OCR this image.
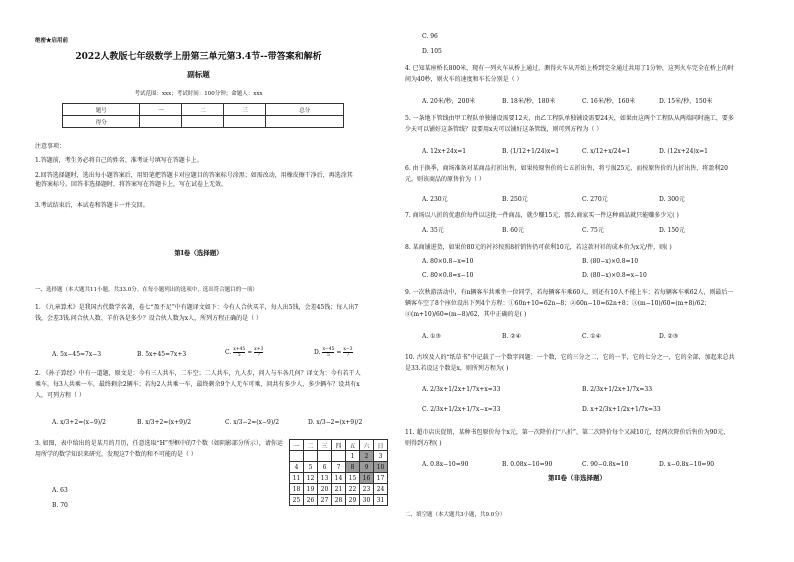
绝密★启用前
2022人教版七年级数学上册第三单元第3.4节--带答案和解析
副标题
考试范围：xxx；考试时间：100分钟；命题人：xxx
题号	一	二	三	总分
得分				
注意事项：
1.答题前，考生务必将自己的姓名、准考证号填写在答题卡上。
2.回答选择题时，选出每小题答案后，用铅笔把答题卡对应题目的答案标号涂黑；如需改动，用橡皮擦干净后，再选涂其他答案标号。回答非选择题时，将答案写在答题卡上，写在试卷上无效。
3.考试结束后，本试卷和答题卡一并交回。
第I卷（选择题）
一、选择题（本大题共11小题，共33.0分。在每小题列出的选项中，选出符合题目的一项）
1. 《九章算术》是我国古代数学名著，卷七“盈不足”中有题译文如下：今有人合伙买羊，每人出5钱，会差45钱；每人出7钱，会差3钱.问合伙人数、羊价各是多少？设合伙人数为x人，所列方程正确的是（ ）
A. 5x−45=7x−3	B. 5x+45=7x+3	C. $\frac{x+45}{5} = \frac{x+3}{7}$	D. $\frac{x-45}{5} = \frac{x-3}{7}$
2. 《孙子算经》中有一道题，原文是：今有三人共车，二车空；二人共车，九人步，问人与车各几何？译文为：今有若干人乘车，每3人共乘一车，最终剩余2辆车；若每2人共乘一车，最终剩余9个人无车可乘，问共有多少人，多少辆车？设共有x人，可列方程（ ）
A. x/3+2=(x−9)/2	B. x/3+2=(x+9)/2	C. x/3−2=(x−9)/2	D. x/3−2=(x+9)/2
3. 如图，表中给出的是某月的月历，任意选取“H”型框中的7个数（如阴影部分所示），请你运用所学的数学知识来研究，发现这7个数的和不可能的是（ ）
A. 63
B. 70
一	二	三	四	五	六	日
				1	2	3
4	5	6	7	8	9	10
11	12	13	14	15	16	17
18	19	20	21	22	23	24
25	26	27	28	29	30	31
C. 96
D. 105
4. 已知某座桥长800米，现有一列火车从桥上通过，测得火车从开始上桥到完全通过共用了1分钟，这列火车完全在桥上的时间为40秒，则火车的速度和车长分别是（ ）
A. 20米/秒，200米	B. 18米/秒，180米	C. 16米/秒，160米	D. 15米/秒，150米
5. 一条地下管线由甲工程队单独铺设需要12天，由乙工程队单独铺设需要24天，如果由这两个工程队从两端同时施工，要多少天可以铺好这条管线？设要用x天可以铺好这条管线，则可列方程为（ ）
A. 12x+24x=1	B. (1/12+1/24)x=1	C. x/12+x/24=1	D. (12x+24)x=1
6. 由于换季，商场准备对某商品打折出售，如果按原售价的七五折出售，将亏损25元，而按原售价的九折出售，将盈利20元，则该商品的原售价为（ ）
A. 230元	B. 250元	C. 270元	D. 300元
7. 商场以八折的优惠价每件以这批一件商品，就少赚15元，那么商家买一件这种商品就只能赚多少元( )
A. 35元	B. 60元	C. 75元	D. 150元
8. 某商铺进货，如果价80元的衬衫按照8折销售仍可获利10元，若这款衬衫的成本价为x元/件，则( )
A. 80×0.8−x=10	B. (80−x)×0.8=10
C. 80×0.8=x−10	D. (80−x)×0.8=x−10
9. 一次秋游活动中，有n辆客车共乘坐一位同学，若每辆客车乘60人，则还有10人不能上车；若每辆客车乘62人，则最后一辆客车空了8个座位设出下列4个方程：①60n+10=62n−8；②60n−10=62n+8；③(m−10)/60=(m+8)/62；④(m+10)/60=(m−8)/62，其中正确的是( )
A. ①③	B. ②④	C. ①④	D. ②③
10. 古埃及人的“纸草书”中记载了一个数字问题：一个数，它的三分之二，它的一半，它的七分之一，它的全部，加起来总共是33.若设这个数是x，则所列方程为( )
A. 2/3x+1/2x+1/7x+x=33	B. 2/3x+1/2x+1/7x=33
C. 2/3x+1/2x+1/7x−x=33	D. x+2/3x+1/2x+1/7x=33
11. 超市店庆促销，某种书包原价每个x元，第一次降价打“八折”，第二次降价每个又减10元，经两次降价后售价为90元，则得到方程( )
A. 0.8x−10=90	B. 0.08x−10=90	C. 90−0.8x=10	D. x−0.8x−10=90
第II卷（非选择题）
二、填空题（本大题共3小题，共9.0分）
